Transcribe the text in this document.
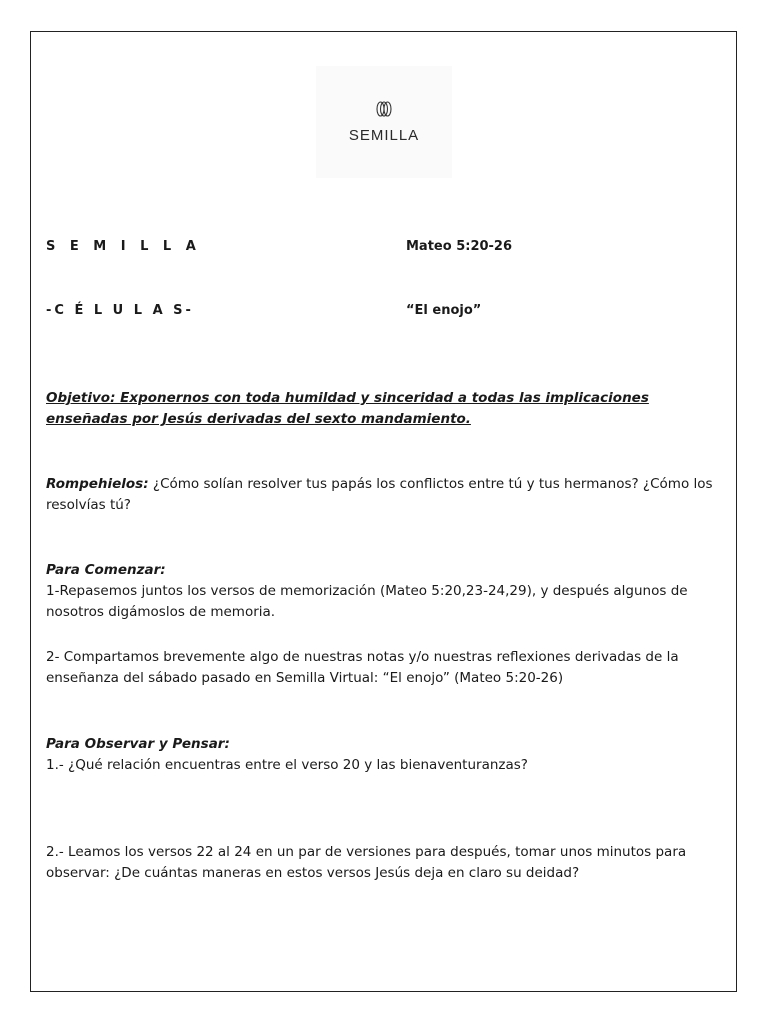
SEMILLA
S E M I L L A	Mateo 5:20-26
-C É L U L A S-	“El enojo”
Objetivo: Exponernos con toda humildad y sinceridad a todas las implicaciones enseñadas por Jesús derivadas del sexto mandamiento.
Rompehielos: ¿Cómo solían resolver tus papás los conflictos entre tú y tus hermanos? ¿Cómo los resolvías tú?
Para Comenzar:
1-Repasemos juntos los versos de memorización (Mateo 5:20,23-24,29), y después algunos de nosotros digámoslos de memoria.
2- Compartamos brevemente algo de nuestras notas y/o nuestras reflexiones derivadas de la enseñanza del sábado pasado en Semilla Virtual: “El enojo” (Mateo 5:20-26)
Para Observar y Pensar:
1.- ¿Qué relación encuentras entre el verso 20 y las bienaventuranzas?
2.- Leamos los versos 22 al 24 en un par de versiones para después, tomar unos minutos para observar: ¿De cuántas maneras en estos versos Jesús deja en claro su deidad?
